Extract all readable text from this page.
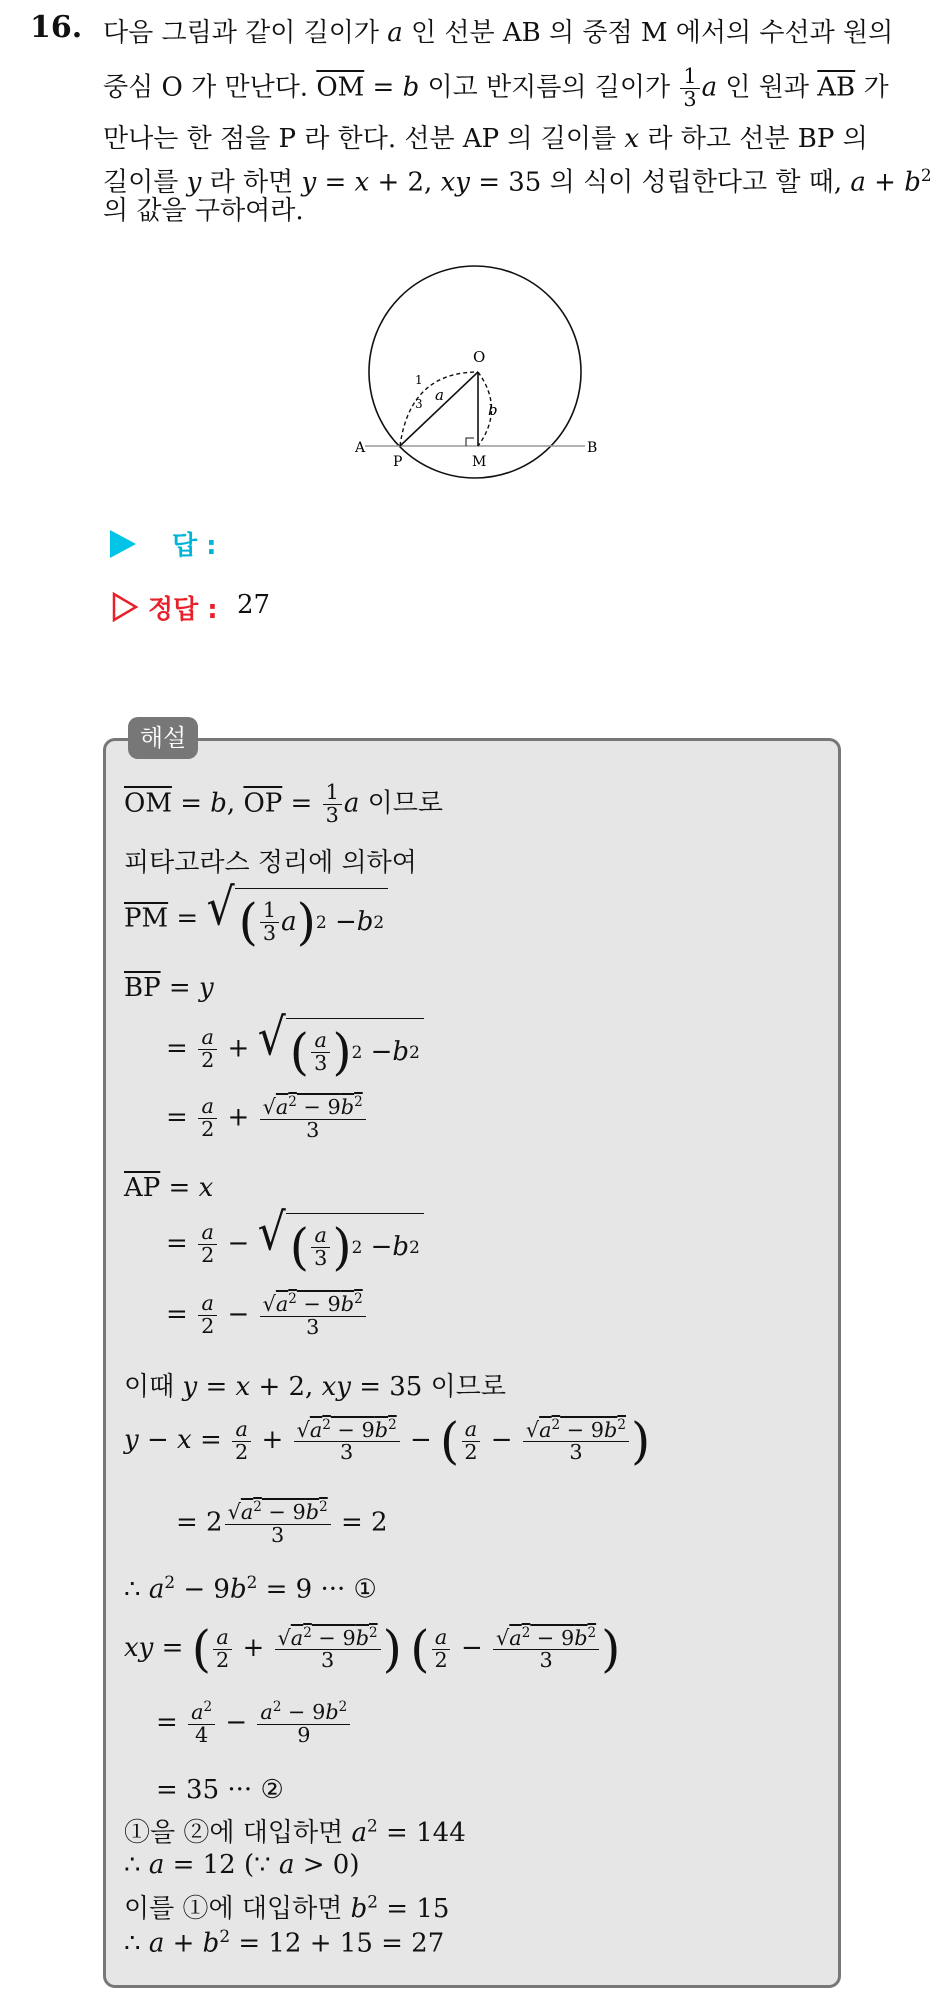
16. 다음 그림과 같이 길이가 a 인 선분 AB 의 중점 M 에서의 수선과 원의
중심 O 가 만난다. $\overline{OM} = b$ 이고 반지름의 길이가 $\frac{1}{3}$ a 인 원과 $\overline{AB}$ 가
만나는 한 점을 P 라 한다. 선분 AP 의 길이를 x 라 하고 선분 BP 의
길이를 y 라 하면 y = x + 2, xy = 35 의 식이 성립한다고 할 때, $a + b^2$
의 값을 구하여라.
O
A	B
P	M
a
b
1
3
답 :
정답 : 27
해설
$\overline{OM} = b$, $\overline{OP} = \frac{1}{3}$ a 이므로
피타고라스 정리에 의하여
$\overline{PM}$ = √ ( $\frac{1}{3}$ a ) 2 − b 2
$\overline{BP} = y$
= $\frac{a}{2}$ + √ ( $\frac{a}{3}$ ) 2 − b 2
= $\frac{a}{2} + \frac{√a^2 - 9b^2}{3}$
$\overline{AP} = x$
= $\frac{a}{2}$ − √ ( $\frac{a}{3}$ ) 2 − b 2
= $\frac{a}{2} - \frac{√a^2 - 9b^2}{3}$
이때 y = x + 2, xy = 35 이므로
$y - x = \frac{a}{2} + \frac{√a^2 - 9b^2}{3}$ − ( $\frac{a}{2} - \frac{√a^2 - 9b^2}{3}$ )
= $2 \frac{√a^2 - 9b^2}{3} = 2$
∴ $a^2 - 9b^2 = 9$ ··· ①
xy = ( $\frac{a}{2} + \frac{√a^2 - 9b^2}{3}$ ) ( $\frac{a}{2} - \frac{√a^2 - 9b^2}{3}$ )
= $\frac{a^2}{4} - \frac{a^2 - 9b^2}{9}$
= 35 ··· ②
①을 ②에 대입하면 $a^2 = 144$
∴ a = 12 (∵ a > 0)
이를 ①에 대입하면 $b^2 = 15$
∴ $a + b^2 = 12 + 15 = 27$
